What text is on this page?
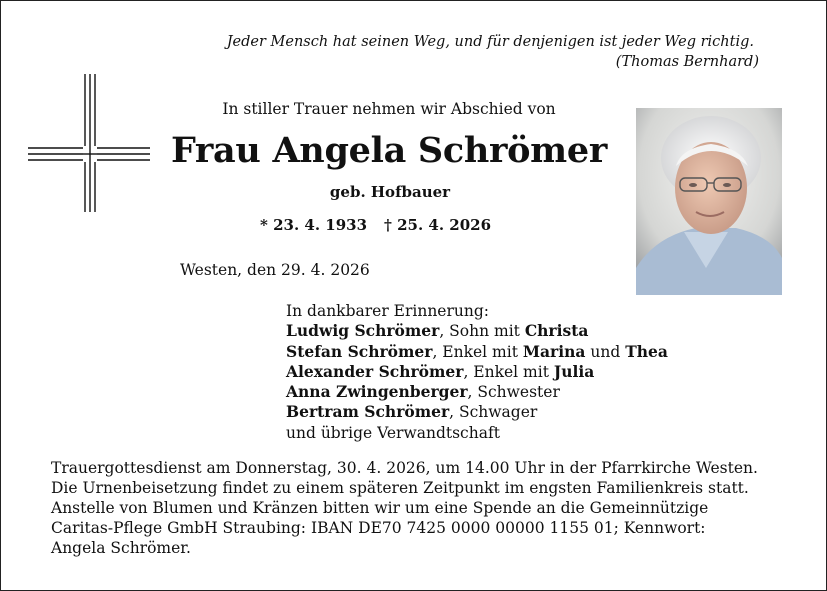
Jeder Mensch hat seinen Weg, und für denjenigen ist jeder Weg richtig.
(Thomas Bernhard)
In stiller Trauer nehmen wir Abschied von
Frau Angela Schrömer
geb. Hofbauer
* 23. 4. 1933 † 25. 4. 2026
Westen, den 29. 4. 2026
In dankbarer Erinnerung:
Ludwig Schrömer, Sohn mit Christa
Stefan Schrömer, Enkel mit Marina und Thea
Alexander Schrömer, Enkel mit Julia
Anna Zwingenberger, Schwester
Bertram Schrömer, Schwager
und übrige Verwandtschaft
Trauergottesdienst am Donnerstag, 30. 4. 2026, um 14.00 Uhr in der Pfarrkirche Westen.
Die Urnenbeisetzung findet zu einem späteren Zeitpunkt im engsten Familienkreis statt.
Anstelle von Blumen und Kränzen bitten wir um eine Spende an die Gemeinnützige
Caritas-Pflege GmbH Straubing: IBAN DE70 7425 0000 00000 1155 01; Kennwort:
Angela Schrömer.
